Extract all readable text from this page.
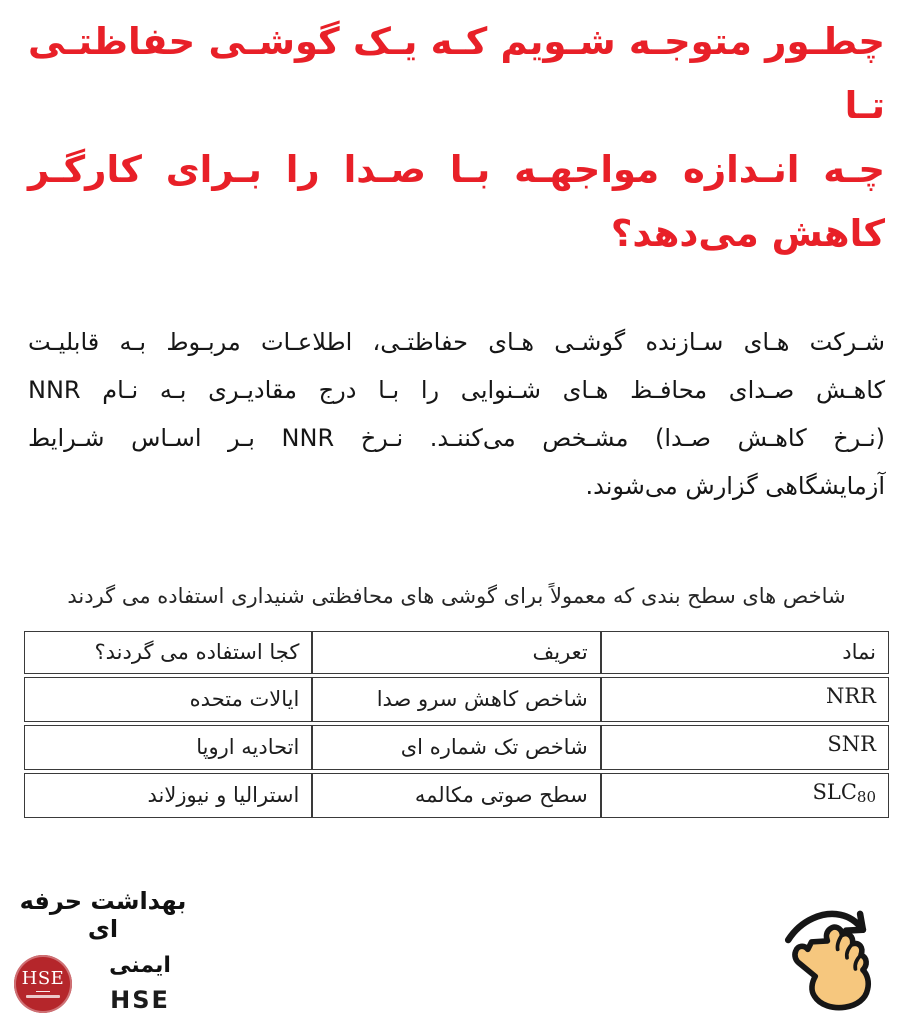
چطـور متوجـه شـویم کـه یـک گوشـی حفاظتـی تـا
چـه انـدازه مواجهـه بـا صـدا را بـرای کارگـر
کاهش می‌دهد؟
شـرکت هـای سـازنده گوشـی هـای حفاظتـی، اطلاعـات مربـوط بـه قابلیـت
کاهـش صـدای محافـظ هـای شـنوایی را بـا درج مقادیـری بـه نـام NNR
(نـرخ کاهـش صـدا) مشـخص می‌کننـد. نـرخ NNR بـر اسـاس شـرایط
آزمایشگاهی گزارش می‌شوند.
شاخص های سطح بندی که معمولاً برای گوشی های محافظتی شنیداری استفاده می گردند
نماد	تعریف	کجا استفاده می گردند؟
NRR	شاخص کاهش سرو صدا	ایالات متحده
SNR	شاخص تک شماره ای	اتحادیه اروپا
$SLC_{80}$	سطح صوتی مکالمه	استرالیا و نیوزلاند
بهداشت حرفه ای
HSE ایمنی
HSE
